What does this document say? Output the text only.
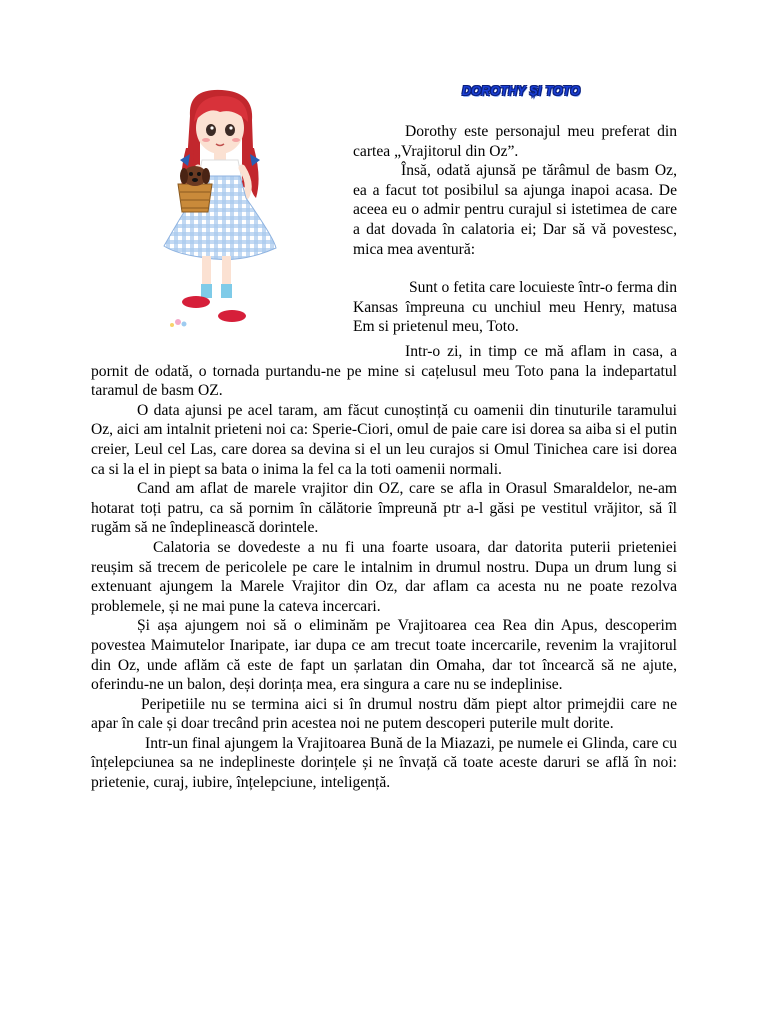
DOROTHY ȘI TOTO

Dorothy este personajul meu preferat din cartea „Vrajitorul din Oz”.

Însă, odată ajunsă pe tărâmul de basm Oz, ea a facut tot posibilul sa ajunga inapoi acasa. De aceea eu o admir pentru curajul si istetimea de care a dat dovada în calatoria ei; Dar să vă povestesc, mica mea aventură:

Sunt o fetita care locuieste într-o ferma din Kansas împreuna cu unchiul meu Henry, matusa Em si prietenul meu, Toto.

Intr-o zi, in timp ce mă aflam in casa, a pornit de odată, o tornada purtandu-ne pe mine si cațelusul meu Toto pana la indepartatul taramul de basm OZ.

O data ajunsi pe acel taram, am făcut cunoștință cu oamenii din tinuturile taramului Oz, aici am intalnit prieteni noi ca: Sperie-Ciori, omul de paie care isi dorea sa aiba si el putin creier, Leul cel Las, care dorea sa devina si el un leu curajos si Omul Tinichea care isi dorea ca si la el in piept sa bata o inima la fel ca la toti oamenii normali.

Cand am aflat de marele vrajitor din OZ, care se afla in Orasul Smaraldelor, ne-am hotarat toți patru, ca să pornim în călătorie împreună ptr a-l găsi pe vestitul vrăjitor, să îl rugăm să ne îndeplinească dorintele.

Calatoria se dovedeste a nu fi una foarte usoara, dar datorita puterii prieteniei reușim să trecem de pericolele pe care le intalnim in drumul nostru. Dupa un drum lung si extenuant ajungem la Marele Vrajitor din Oz, dar aflam ca acesta nu ne poate rezolva problemele, și ne mai pune la cateva incercari.

Și așa ajungem noi să o eliminăm pe Vrajitoarea cea Rea din Apus, descoperim povestea Maimutelor Inaripate, iar dupa ce am trecut toate incercarile, revenim la vrajitorul din Oz, unde aflăm că este de fapt un șarlatan din Omaha, dar tot încearcă să ne ajute, oferindu-ne un balon, deși dorința mea, era singura a care nu se indeplinise.

Peripetiile nu se termina aici si în drumul nostru dăm piept altor primejdii care ne apar în cale și doar trecând prin acestea noi ne putem descoperi puterile mult dorite.

Intr-un final ajungem la Vrajitoarea Bună de la Miazazi, pe numele ei Glinda, care cu înțelepciunea sa ne indeplineste dorințele și ne învață că toate aceste daruri se află în noi: prietenie, curaj, iubire, înțelepciune, inteligență.
